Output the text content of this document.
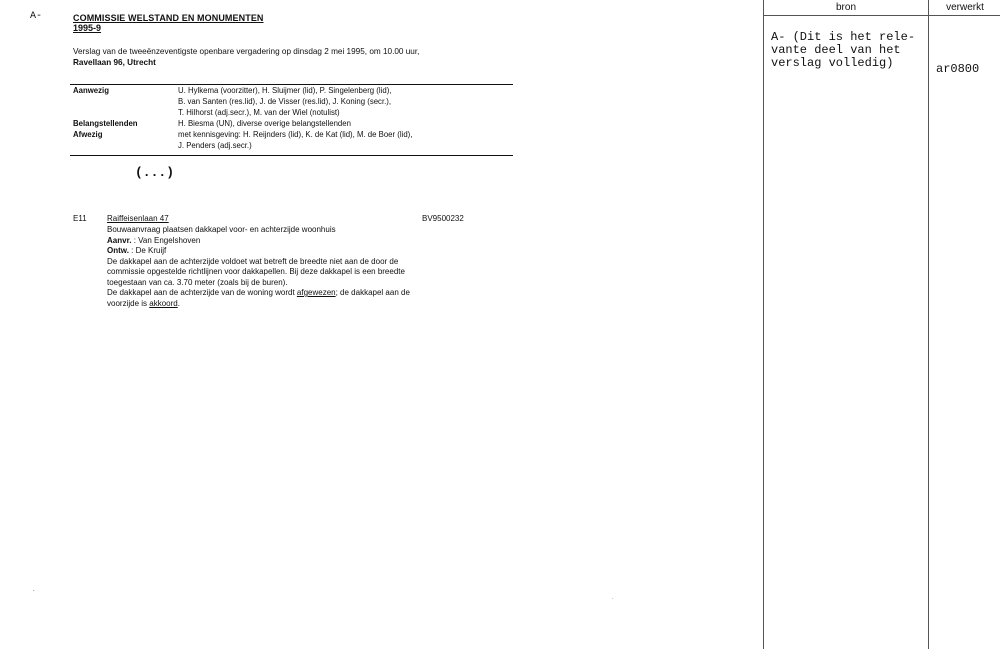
A-	COMMISSIE WELSTAND EN MONUMENTEN
1995-9
Verslag van de tweeënzeventigste openbare vergadering op dinsdag 2 mei 1995, om 10.00 uur,
Ravellaan 96, Utrecht
Aanwezig	U. Hylkema (voorzitter), H. Sluijmer (lid), P. Singelenberg (lid),
B. van Santen (res.lid), J. de Visser (res.lid), J. Koning (secr.),
T. Hilhorst (adj.secr.), M. van der Wiel (notulist)
Belangstellenden	H. Biesma (UN), diverse overige belangstellenden
Afwezig	met kennisgeving: H. Reijnders (lid), K. de Kat (lid), M. de Boer (lid),
J. Penders (adj.secr.)
(...)
E11	Raiffeisenlaan 47	BV9500232
Bouwaanvraag plaatsen dakkapel voor- en achterzijde woonhuis
Aanvr. : Van Engelshoven
Ontw. : De Kruijf
De dakkapel aan de achterzijde voldoet wat betreft de breedte niet aan de door de
commissie opgestelde richtlijnen voor dakkapellen. Bij deze dakkapel is een breedte
toegestaan van ca. 3.70 meter (zoals bij de buren).
De dakkapel aan de achterzijde van de woning wordt afgewezen; de dakkapel aan de
voorzijde is akkoord.
.
.
bron	verwerkt
A- (Dit is het rele-
vante deel van het
verslag volledig)	ar0800
